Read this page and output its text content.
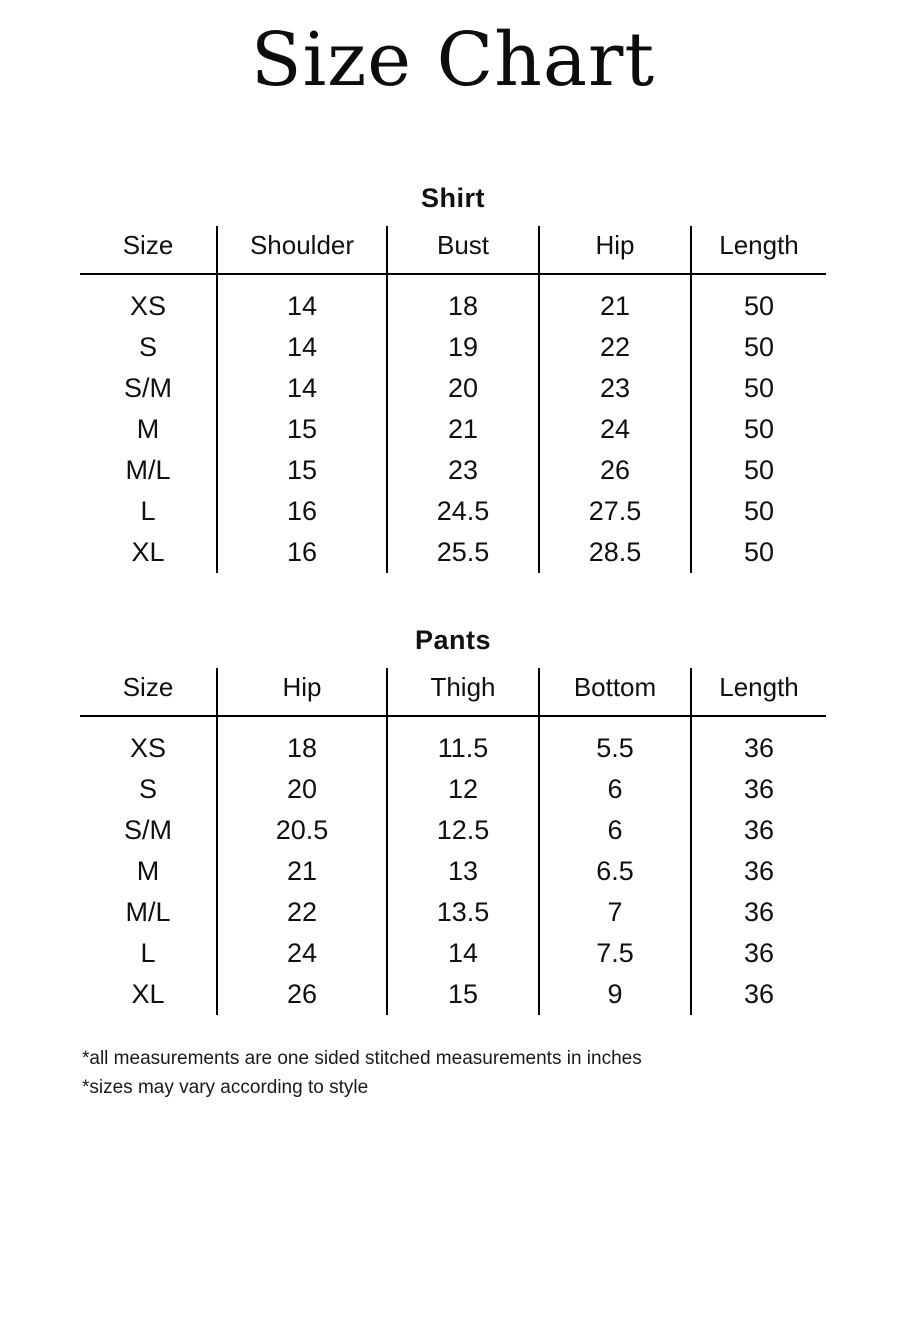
Size Chart
Shirt
Size	Shoulder	Bust	Hip	Length
XS	14	18	21	50
S	14	19	22	50
S/M	14	20	23	50
M	15	21	24	50
M/L	15	23	26	50
L	16	24.5	27.5	50
XL	16	25.5	28.5	50
Pants
Size	Hip	Thigh	Bottom	Length
XS	18	11.5	5.5	36
S	20	12	6	36
S/M	20.5	12.5	6	36
M	21	13	6.5	36
M/L	22	13.5	7	36
L	24	14	7.5	36
XL	26	15	9	36
*all measurements are one sided stitched measurements in inches
*sizes may vary according to style
